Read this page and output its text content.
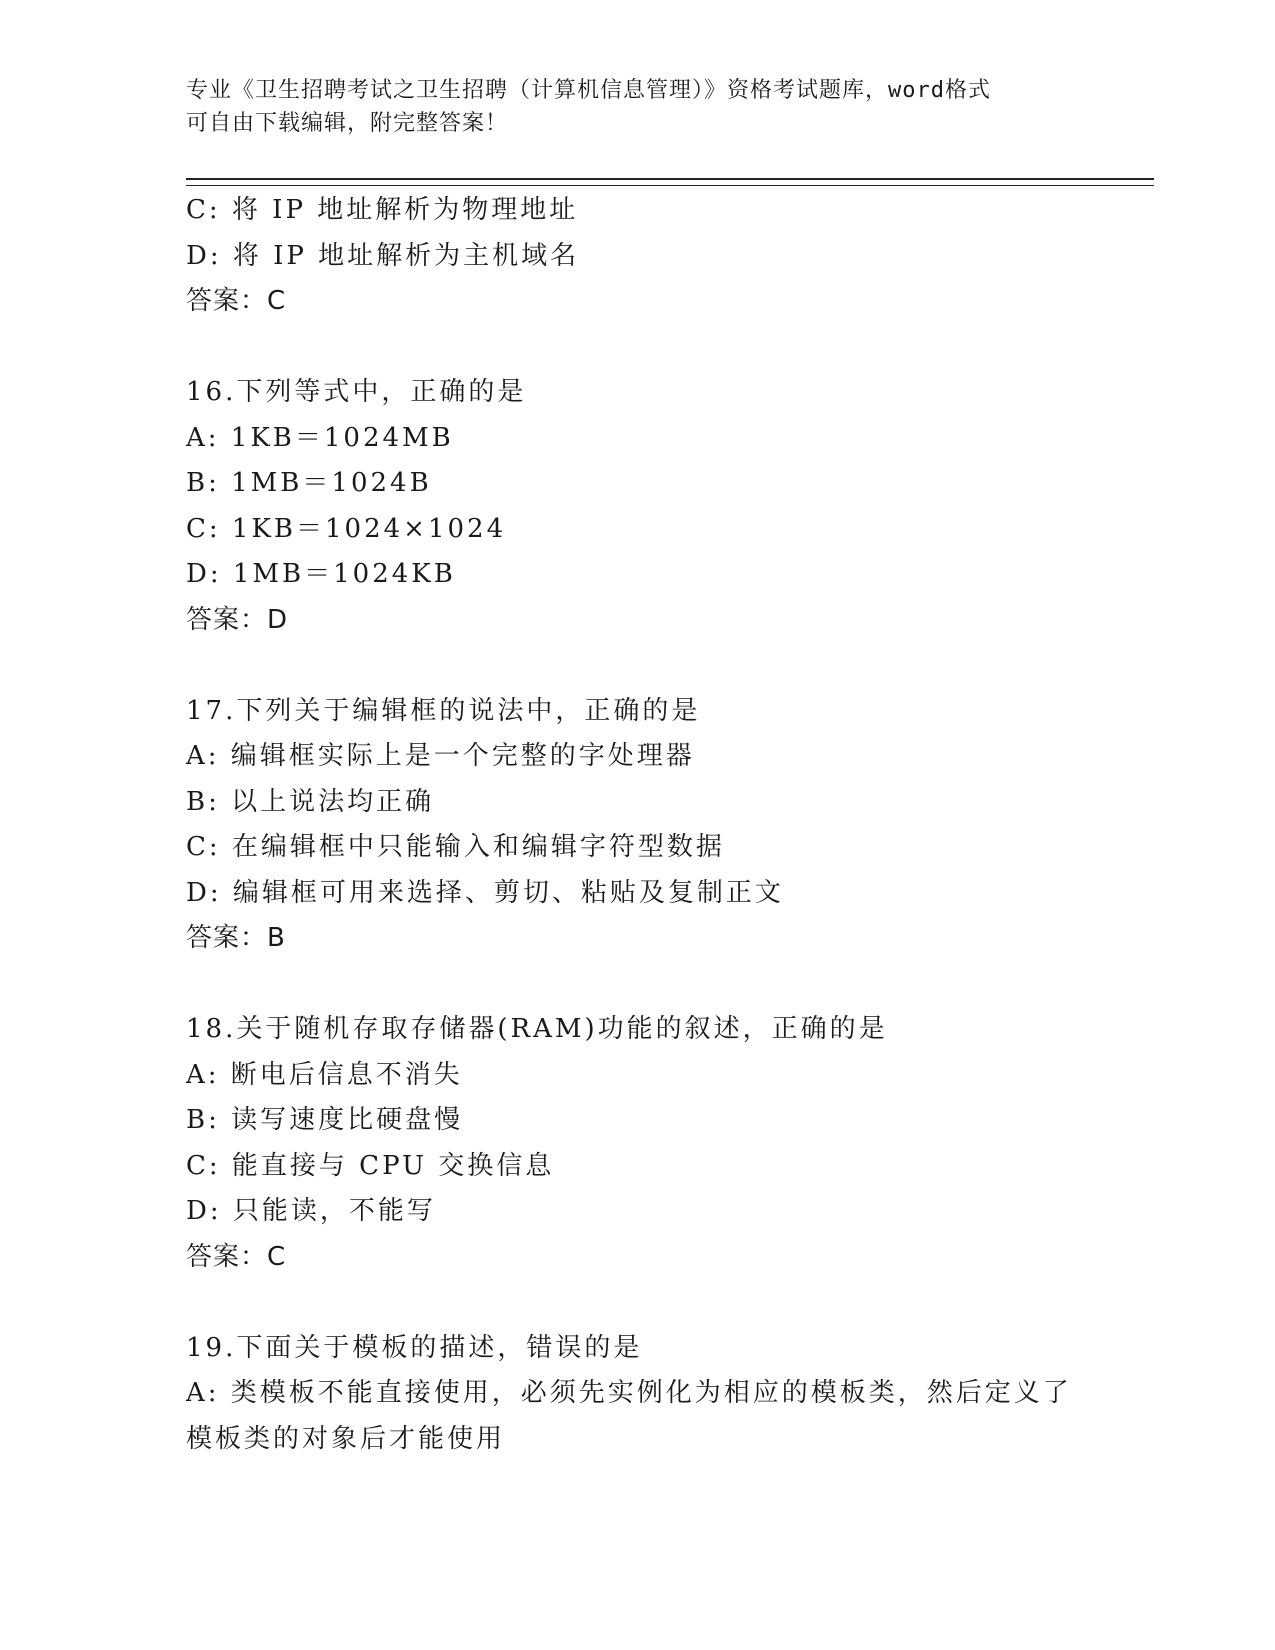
专业《卫生招聘考试之卫生招聘（计算机信息管理）》资格考试题库，word格式
可自由下载编辑，附完整答案！
C: 将 IP 地址解析为物理地址
D: 将 IP 地址解析为主机域名
答案：C
16.下列等式中，正确的是
A: 1KB＝1024MB
B: 1MB＝1024B
C: 1KB＝1024×1024
D: 1MB＝1024KB
答案：D
17.下列关于编辑框的说法中，正确的是
A: 编辑框实际上是一个完整的字处理器
B: 以上说法均正确
C: 在编辑框中只能输入和编辑字符型数据
D: 编辑框可用来选择、剪切、粘贴及复制正文
答案：B
18.关于随机存取存储器(RAM)功能的叙述，正确的是
A: 断电后信息不消失
B: 读写速度比硬盘慢
C: 能直接与 CPU 交换信息
D: 只能读，不能写
答案：C
19.下面关于模板的描述，错误的是
A: 类模板不能直接使用，必须先实例化为相应的模板类，然后定义了
模板类的对象后才能使用
